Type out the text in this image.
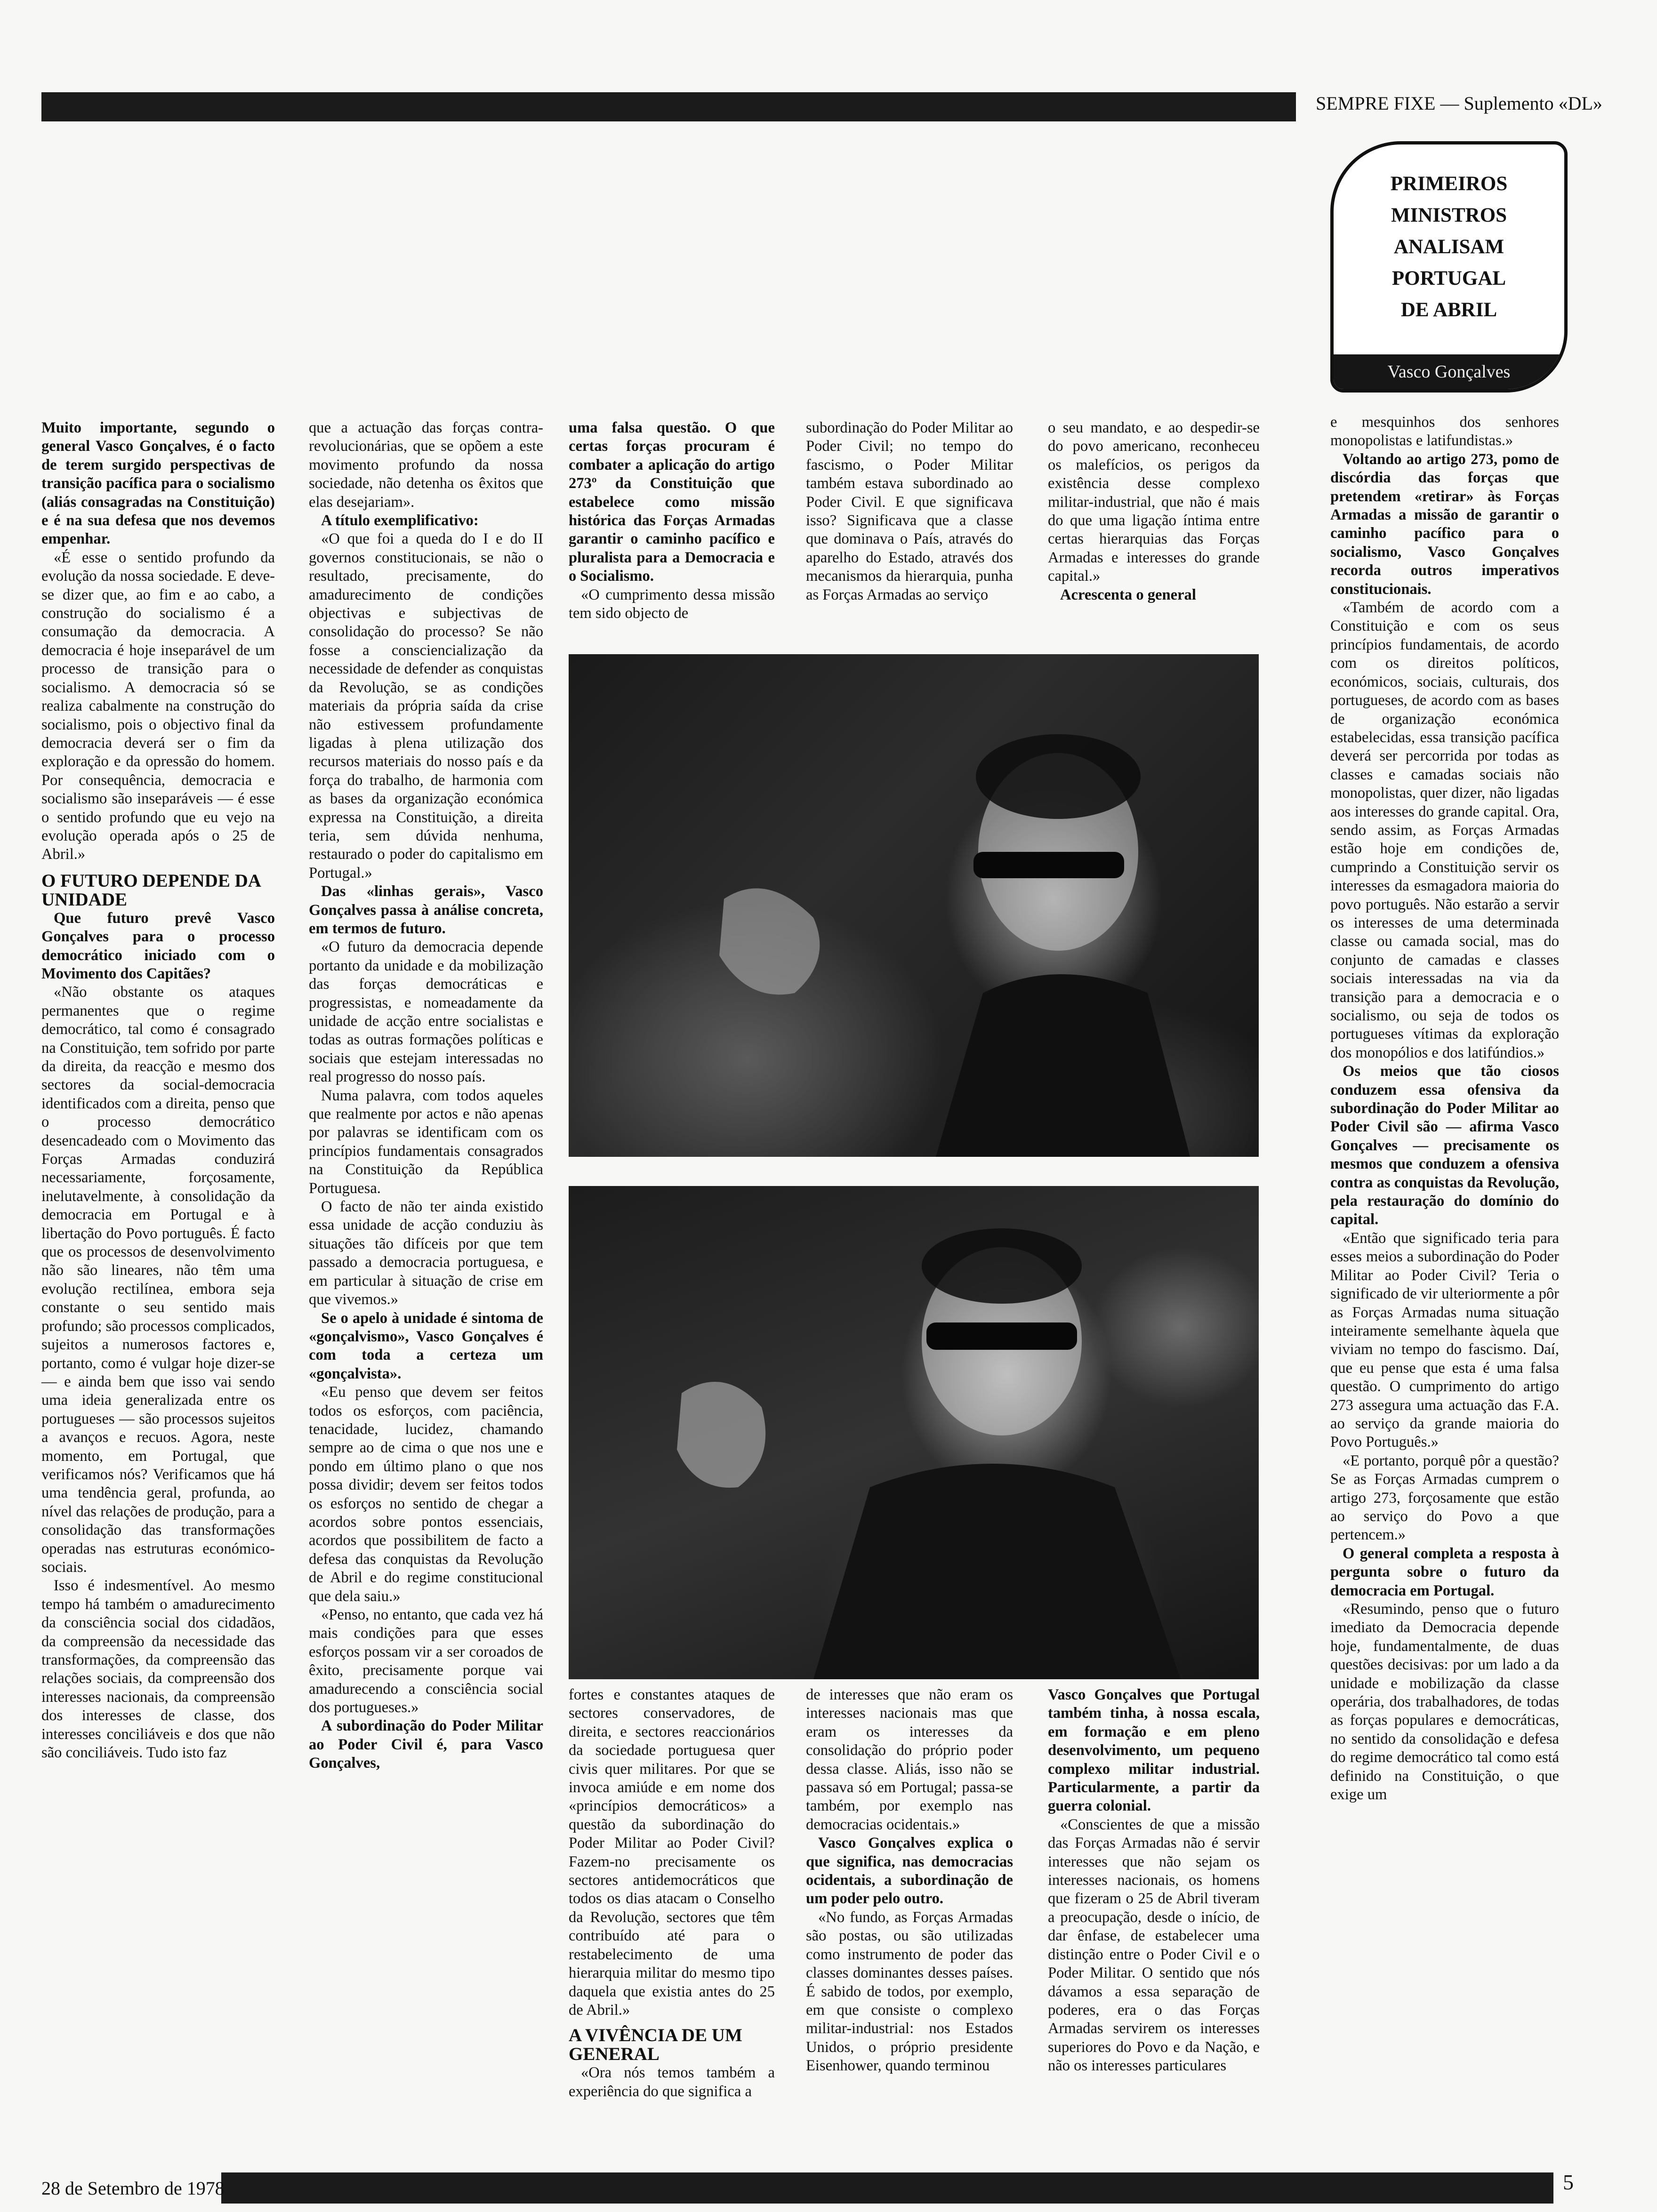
SEMPRE FIXE — Suplemento «DL»
28 de Setembro de 1978	5
PRIMEIROS
MINISTROS
ANALISAM
PORTUGAL
DE ABRIL
Vasco Gonçalves

Muito importante, segundo o general Vasco Gonçalves, é o facto de terem surgido perspectivas de transição pacífica para o socialismo (aliás consagradas na Constituição) e é na sua defesa que nos devemos empenhar.

«É esse o sentido profundo da evolução da nossa sociedade. E deve-se dizer que, ao fim e ao cabo, a construção do socialismo é a consumação da democracia. A democracia é hoje inseparável de um processo de transição para o socialismo. A democracia só se realiza cabalmente na construção do socialismo, pois o objectivo final da democracia deverá ser o fim da exploração e da opressão do homem. Por consequência, democracia e socialismo são inseparáveis — é esse o sentido profundo que eu vejo na evolução operada após o 25 de Abril.»

O FUTURO DEPENDE DA UNIDADE

Que futuro prevê Vasco Gonçalves para o processo democrático iniciado com o Movimento dos Capitães?

«Não obstante os ataques permanentes que o regime democrático, tal como é consagrado na Constituição, tem sofrido por parte da direita, da reacção e mesmo dos sectores da social-democracia identificados com a direita, penso que o processo democrático desencadeado com o Movimento das Forças Armadas conduzirá necessariamente, forçosamente, inelutavelmente, à consolidação da democracia em Portugal e à libertação do Povo português. É facto que os processos de desenvolvimento não são lineares, não têm uma evolução rectilínea, embora seja constante o seu sentido mais profundo; são processos complicados, sujeitos a numerosos factores e, portanto, como é vulgar hoje dizer-se — e ainda bem que isso vai sendo uma ideia generalizada entre os portugueses — são processos sujeitos a avanços e recuos. Agora, neste momento, em Portugal, que verificamos nós? Verificamos que há uma tendência geral, profunda, ao nível das relações de produção, para a consolidação das transformações operadas nas estruturas económico-sociais.

Isso é indesmentível. Ao mesmo tempo há também o amadurecimento da consciência social dos cidadãos, da compreensão da necessidade das transformações, da compreensão das relações sociais, da compreensão dos interesses nacionais, da compreensão dos interesses de classe, dos interesses conciliáveis e dos que não são conciliáveis. Tudo isto faz

que a actuação das forças contra-revolucionárias, que se opõem a este movimento profundo da nossa sociedade, não detenha os êxitos que elas desejariam».

A título exemplificativo:

«O que foi a queda do I e do II governos constitucionais, se não o resultado, precisamente, do amadurecimento de condições objectivas e subjectivas de consolidação do processo? Se não fosse a consciencialização da necessidade de defender as conquistas da Revolução, se as condições materiais da própria saída da crise não estivessem profundamente ligadas à plena utilização dos recursos materiais do nosso país e da força do trabalho, de harmonia com as bases da organização económica expressa na Constituição, a direita teria, sem dúvida nenhuma, restaurado o poder do capitalismo em Portugal.»

Das «linhas gerais», Vasco Gonçalves passa à análise concreta, em termos de futuro.

«O futuro da democracia depende portanto da unidade e da mobilização das forças democráticas e progressistas, e nomeadamente da unidade de acção entre socialistas e todas as outras formações políticas e sociais que estejam interessadas no real progresso do nosso país.

Numa palavra, com todos aqueles que realmente por actos e não apenas por palavras se identificam com os princípios fundamentais consagrados na Constituição da República Portuguesa.

O facto de não ter ainda existido essa unidade de acção conduziu às situações tão difíceis por que tem passado a democracia portuguesa, e em particular à situação de crise em que vivemos.»

Se o apelo à unidade é sintoma de «gonçalvismo», Vasco Gonçalves é com toda a certeza um «gonçalvista».

«Eu penso que devem ser feitos todos os esforços, com paciência, tenacidade, lucidez, chamando sempre ao de cima o que nos une e pondo em último plano o que nos possa dividir; devem ser feitos todos os esforços no sentido de chegar a acordos sobre pontos essenciais, acordos que possibilitem de facto a defesa das conquistas da Revolução de Abril e do regime constitucional que dela saiu.»

«Penso, no entanto, que cada vez há mais condições para que esses esforços possam vir a ser coroados de êxito, precisamente porque vai amadurecendo a consciência social dos portugueses.»

A subordinação do Poder Militar ao Poder Civil é, para Vasco Gonçalves,

uma falsa questão. O que certas forças procuram é combater a aplicação do artigo 273º da Constituição que estabelece como missão histórica das Forças Armadas garantir o caminho pacífico e pluralista para a Democracia e o Socialismo.

«O cumprimento dessa missão tem sido objecto de

subordinação do Poder Militar ao Poder Civil; no tempo do fascismo, o Poder Militar também estava subordinado ao Poder Civil. E que significava isso? Significava que a classe que dominava o País, através do aparelho do Estado, através dos mecanismos da hierarquia, punha as Forças Armadas ao serviço

o seu mandato, e ao despedir-se do povo americano, reconheceu os malefícios, os perigos da existência desse complexo militar-industrial, que não é mais do que uma ligação íntima entre certas hierarquias das Forças Armadas e interesses do grande capital.»

Acrescenta o general

fortes e constantes ataques de sectores conservadores, de direita, e sectores reaccionários da sociedade portuguesa quer civis quer militares. Por que se invoca amiúde e em nome dos «princípios democráticos» a questão da subordinação do Poder Militar ao Poder Civil? Fazem-no precisamente os sectores antidemocráticos que todos os dias atacam o Conselho da Revolução, sectores que têm contribuído até para o restabelecimento de uma hierarquia militar do mesmo tipo daquela que existia antes do 25 de Abril.»

A VIVÊNCIA DE UM GENERAL

«Ora nós temos também a experiência do que significa a

de interesses que não eram os interesses nacionais mas que eram os interesses da consolidação do próprio poder dessa classe. Aliás, isso não se passava só em Portugal; passa-se também, por exemplo nas democracias ocidentais.»

Vasco Gonçalves explica o que significa, nas democracias ocidentais, a subordinação de um poder pelo outro.

«No fundo, as Forças Armadas são postas, ou são utilizadas como instrumento de poder das classes dominantes desses países. É sabido de todos, por exemplo, em que consiste o complexo militar-industrial: nos Estados Unidos, o próprio presidente Eisenhower, quando terminou

Vasco Gonçalves que Portugal também tinha, à nossa escala, em formação e em pleno desenvolvimento, um pequeno complexo militar industrial. Particularmente, a partir da guerra colonial.

«Conscientes de que a missão das Forças Armadas não é servir interesses que não sejam os interesses nacionais, os homens que fizeram o 25 de Abril tiveram a preocupação, desde o início, de dar ênfase, de estabelecer uma distinção entre o Poder Civil e o Poder Militar. O sentido que nós dávamos a essa separação de poderes, era o das Forças Armadas servirem os interesses superiores do Povo e da Nação, e não os interesses particulares

e mesquinhos dos senhores monopolistas e latifundistas.»

Voltando ao artigo 273, pomo de discórdia das forças que pretendem «retirar» às Forças Armadas a missão de garantir o caminho pacífico para o socialismo, Vasco Gonçalves recorda outros imperativos constitucionais.

«Também de acordo com a Constituição e com os seus princípios fundamentais, de acordo com os direitos políticos, económicos, sociais, culturais, dos portugueses, de acordo com as bases de organização económica estabelecidas, essa transição pacífica deverá ser percorrida por todas as classes e camadas sociais não monopolistas, quer dizer, não ligadas aos interesses do grande capital. Ora, sendo assim, as Forças Armadas estão hoje em condições de, cumprindo a Constituição servir os interesses da esmagadora maioria do povo português. Não estarão a servir os interesses de uma determinada classe ou camada social, mas do conjunto de camadas e classes sociais interessadas na via da transição para a democracia e o socialismo, ou seja de todos os portugueses vítimas da exploração dos monopólios e dos latifúndios.»

Os meios que tão ciosos conduzem essa ofensiva da subordinação do Poder Militar ao Poder Civil são — afirma Vasco Gonçalves — precisamente os mesmos que conduzem a ofensiva contra as conquistas da Revolução, pela restauração do domínio do capital.

«Então que significado teria para esses meios a subordinação do Poder Militar ao Poder Civil? Teria o significado de vir ulteriormente a pôr as Forças Armadas numa situação inteiramente semelhante àquela que viviam no tempo do fascismo. Daí, que eu pense que esta é uma falsa questão. O cumprimento do artigo 273 assegura uma actuação das F.A. ao serviço da grande maioria do Povo Português.»

«E portanto, porquê pôr a questão? Se as Forças Armadas cumprem o artigo 273, forçosamente que estão ao serviço do Povo a que pertencem.»

O general completa a resposta à pergunta sobre o futuro da democracia em Portugal.

«Resumindo, penso que o futuro imediato da Democracia depende hoje, fundamentalmente, de duas questões decisivas: por um lado a da unidade e mobilização da classe operária, dos trabalhadores, de todas as forças populares e democráticas, no sentido da consolidação e defesa do regime democrático tal como está definido na Constituição, o que exige um
